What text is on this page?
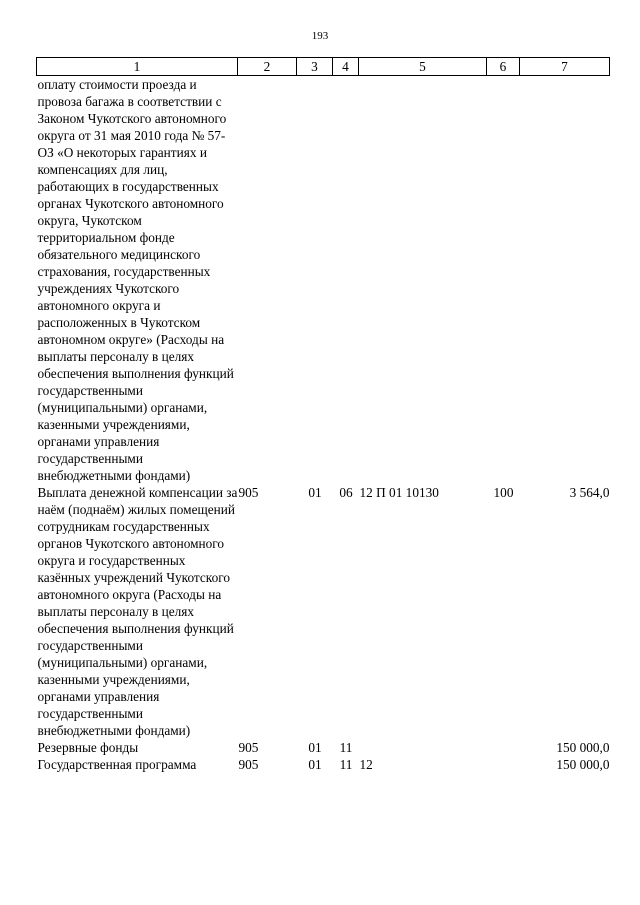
193
1	2	3	4	5	6	7
оплату стоимости проезда и провоза багажа в соответствии с Законом Чукотского автономного округа от 31 мая 2010 года № 57-ОЗ «О некоторых гарантиях и компенсациях для лиц, работающих в государственных органах Чукотского автономного округа, Чукотском территориальном фонде обязательного медицинского страхования, государственных учреждениях Чукотского автономного округа и расположенных в Чукотском автономном округе» (Расходы на выплаты персоналу в целях обеспечения выполнения функций государственными (муниципальными) органами, казенными учреждениями, органами управления государственными внебюджетными фондами)						
Выплата денежной компенсации за наём (поднаём) жилых помещений сотрудникам государственных органов Чукотского автономного округа и государственных казённых учреждений Чукотского автономного округа (Расходы на выплаты персоналу в целях обеспечения выполнения функций государственными (муниципальными) органами, казенными учреждениями, органами управления государственными внебюджетными фондами)	905	01	06	12 П 01 10130	100	3 564,0
Резервные фонды	905	01	11			150 000,0
Государственная программа	905	01	11	12		150 000,0
